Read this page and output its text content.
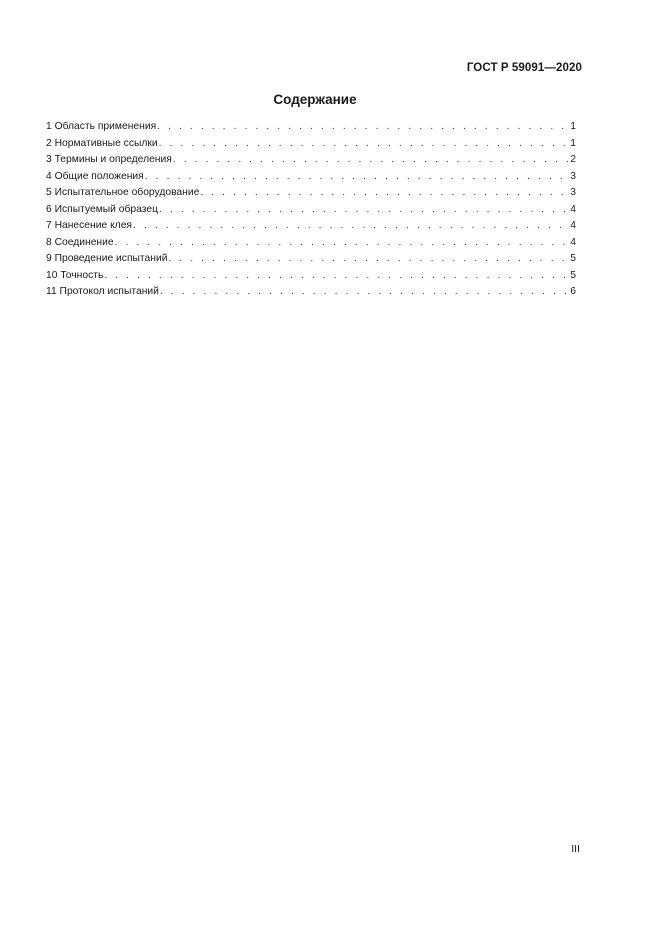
ГОСТ Р 59091—2020
Содержание
1 Область применения . . .	1
2 Нормативные ссылки . . .	1
3 Термины и определения . . .	2
4 Общие положения . . .	3
5 Испытательное оборудование . . .	3
6 Испытуемый образец . . .	4
7 Нанесение клея . . .	4
8 Соединение . . .	4
9 Проведение испытаний . . .	5
10 Точность . . .	5
11 Протокол испытаний . . .	6
III
